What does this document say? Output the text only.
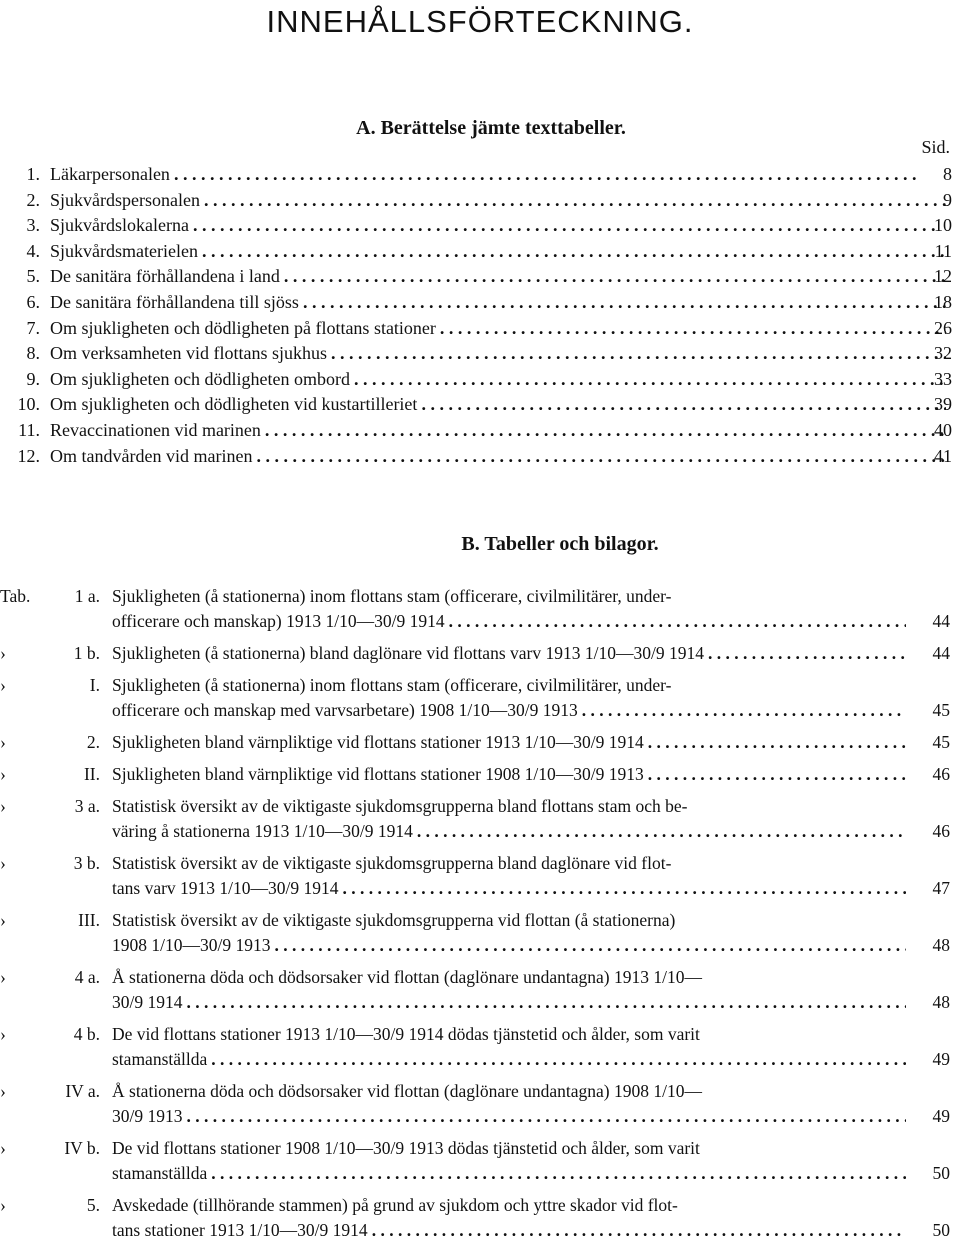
INNEHÅLLSFÖRTECKNING.
A. Berättelse jämte texttabeller.
Sid.
1. Läkarpersonalen . . .	8
2. Sjukvårdspersonalen . . .	9
3. Sjukvårdslokalerna . . .	10
4. Sjukvårdsmaterielen . . .	11
5. De sanitära förhållandena i land . . .	12
6. De sanitära förhållandena till sjöss . . .	18
7. Om sjukligheten och dödligheten på flottans stationer . . .	26
8. Om verksamheten vid flottans sjukhus . . .	32
9. Om sjukligheten och dödligheten ombord . . .	33
10. Om sjukligheten och dödligheten vid kustartilleriet . . .	39
11. Revaccinationen vid marinen . . .	40
12. Om tandvården vid marinen . . .	41
B. Tabeller och bilagor.
Tab.	1 a. Sjukligheten (å stationerna) inom flottans stam (officerare, civilmilitärer, under-
officerare och manskap) 1913 1/10—30/9 1914 . . .	44
›	1 b. Sjukligheten (å stationerna) bland daglönare vid flottans varv 1913 1/10—30/9 1914 . . .	44
›	I. Sjukligheten (å stationerna) inom flottans stam (officerare, civilmilitärer, under-
officerare och manskap med varvsarbetare) 1908 1/10—30/9 1913 . . .	45
›	2. Sjukligheten bland värnpliktige vid flottans stationer 1913 1/10—30/9 1914 . . .	45
›	II. Sjukligheten bland värnpliktige vid flottans stationer 1908 1/10—30/9 1913 . . .	46
›	3 a. Statistisk översikt av de viktigaste sjukdomsgrupperna bland flottans stam och be-
väring å stationerna 1913 1/10—30/9 1914 . . .	46
›	3 b. Statistisk översikt av de viktigaste sjukdomsgrupperna bland daglönare vid flot-
tans varv 1913 1/10—30/9 1914 . . .	47
›	III. Statistisk översikt av de viktigaste sjukdomsgrupperna vid flottan (å stationerna)
1908 1/10—30/9 1913 . . .	48
›	4 a. Å stationerna döda och dödsorsaker vid flottan (daglönare undantagna) 1913 1/10—
30/9 1914 . . .	48
›	4 b. De vid flottans stationer 1913 1/10—30/9 1914 dödas tjänstetid och ålder, som varit
stamanställda . . .	49
›	IV a. Å stationerna döda och dödsorsaker vid flottan (daglönare undantagna) 1908 1/10—
30/9 1913 . . .	49
›	IV b. De vid flottans stationer 1908 1/10—30/9 1913 dödas tjänstetid och ålder, som varit
stamanställda . . .	50
›	5. Avskedade (tillhörande stammen) på grund av sjukdom och yttre skador vid flot-
tans stationer 1913 1/10—30/9 1914 . . .	50
